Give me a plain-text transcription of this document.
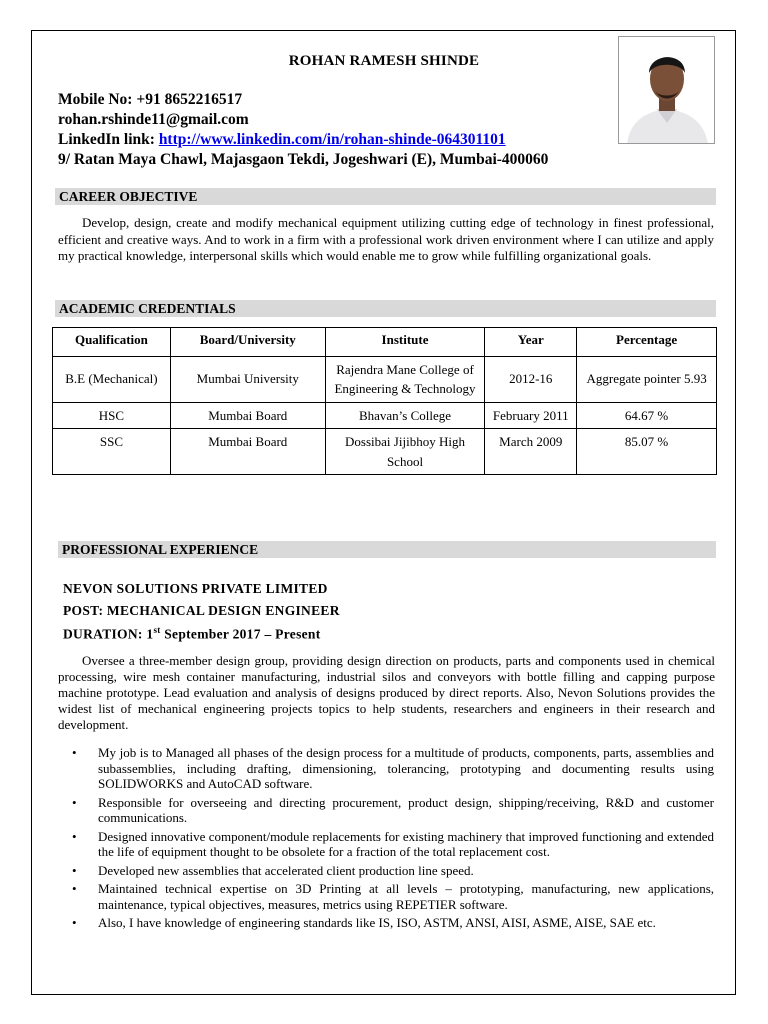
ROHAN RAMESH SHINDE
Mobile No: +91 8652216517
rohan.rshinde11@gmail.com
LinkedIn link: http://www.linkedin.com/in/rohan-shinde-064301101
9/ Ratan Maya Chawl, Majasgaon Tekdi, Jogeshwari (E), Mumbai-400060
CAREER OBJECTIVE
Develop, design, create and modify mechanical equipment utilizing cutting edge of technology in finest professional, efficient and creative ways. And to work in a firm with a professional work driven environment where I can utilize and apply my practical knowledge, interpersonal skills which would enable me to grow while fulfilling organizational goals.
ACADEMIC CREDENTIALS
Qualification	Board/University	Institute	Year	Percentage
B.E (Mechanical)	Mumbai University	Rajendra Mane College of Engineering & Technology	2012-16	Aggregate pointer 5.93
HSC	Mumbai Board	Bhavan’s College	February 2011	64.67 %
SSC	Mumbai Board	Dossibai Jijibhoy High School	March 2009	85.07 %
PROFESSIONAL EXPERIENCE
NEVON SOLUTIONS PRIVATE LIMITED
POST: MECHANICAL DESIGN ENGINEER
DURATION: 1st September 2017 – Present
Oversee a three-member design group, providing design direction on products, parts and components used in chemical processing, wire mesh container manufacturing, industrial silos and conveyors with bottle filling and capping purpose machine prototype. Lead evaluation and analysis of designs produced by direct reports. Also, Nevon Solutions provides the widest list of mechanical engineering projects topics to help students, researchers and engineers in their research and development.
• My job is to Managed all phases of the design process for a multitude of products, components, parts, assemblies and subassemblies, including drafting, dimensioning, tolerancing, prototyping and documenting results using SOLIDWORKS and AutoCAD software.
• Responsible for overseeing and directing procurement, product design, shipping/receiving, R&D and customer communications.
• Designed innovative component/module replacements for existing machinery that improved functioning and extended the life of equipment thought to be obsolete for a fraction of the total replacement cost.
• Developed new assemblies that accelerated client production line speed.
• Maintained technical expertise on 3D Printing at all levels – prototyping, manufacturing, new applications, maintenance, typical objectives, measures, metrics using REPETIER software.
• Also, I have knowledge of engineering standards like IS, ISO, ASTM, ANSI, AISI, ASME, AISE, SAE etc.
